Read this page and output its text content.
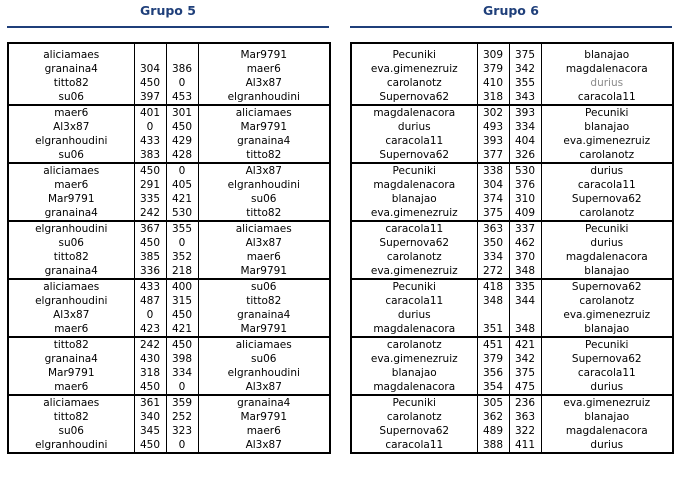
Grupo 5

aliciamaes			Mar9791
granaina4	304	386	maer6
titto82	450	0	Al3x87
su06	397	453	elgranhoudini
maer6	401	301	aliciamaes
Al3x87	0	450	Mar9791
elgranhoudini	433	429	granaina4
su06	383	428	titto82
aliciamaes	450	0	Al3x87
maer6	291	405	elgranhoudini
Mar9791	335	421	su06
granaina4	242	530	titto82
elgranhoudini	367	355	aliciamaes
su06	450	0	Al3x87
titto82	385	352	maer6
granaina4	336	218	Mar9791
aliciamaes	433	400	su06
elgranhoudini	487	315	titto82
Al3x87	0	450	granaina4
maer6	423	421	Mar9791
titto82	242	450	aliciamaes
granaina4	430	398	su06
Mar9791	318	334	elgranhoudini
maer6	450	0	Al3x87
aliciamaes	361	359	granaina4
titto82	340	252	Mar9791
su06	345	323	maer6
elgranhoudini	450	0	Al3x87
Grupo 6

Pecuniki	309	375	blanajao
eva.gimenezruiz	379	342	magdalenacora
carolanotz	410	355	durius
Supernova62	318	343	caracola11
magdalenacora	302	393	Pecuniki
durius	493	334	blanajao
caracola11	393	404	eva.gimenezruiz
Supernova62	377	326	carolanotz
Pecuniki	338	530	durius
magdalenacora	304	376	caracola11
blanajao	374	310	Supernova62
eva.gimenezruiz	375	409	carolanotz
caracola11	363	337	Pecuniki
Supernova62	350	462	durius
carolanotz	334	370	magdalenacora
eva.gimenezruiz	272	348	blanajao
Pecuniki	418	335	Supernova62
caracola11	348	344	carolanotz
durius			eva.gimenezruiz
magdalenacora	351	348	blanajao
carolanotz	451	421	Pecuniki
eva.gimenezruiz	379	342	Supernova62
blanajao	356	375	caracola11
magdalenacora	354	475	durius
Pecuniki	305	236	eva.gimenezruiz
carolanotz	362	363	blanajao
Supernova62	489	322	magdalenacora
caracola11	388	411	durius
